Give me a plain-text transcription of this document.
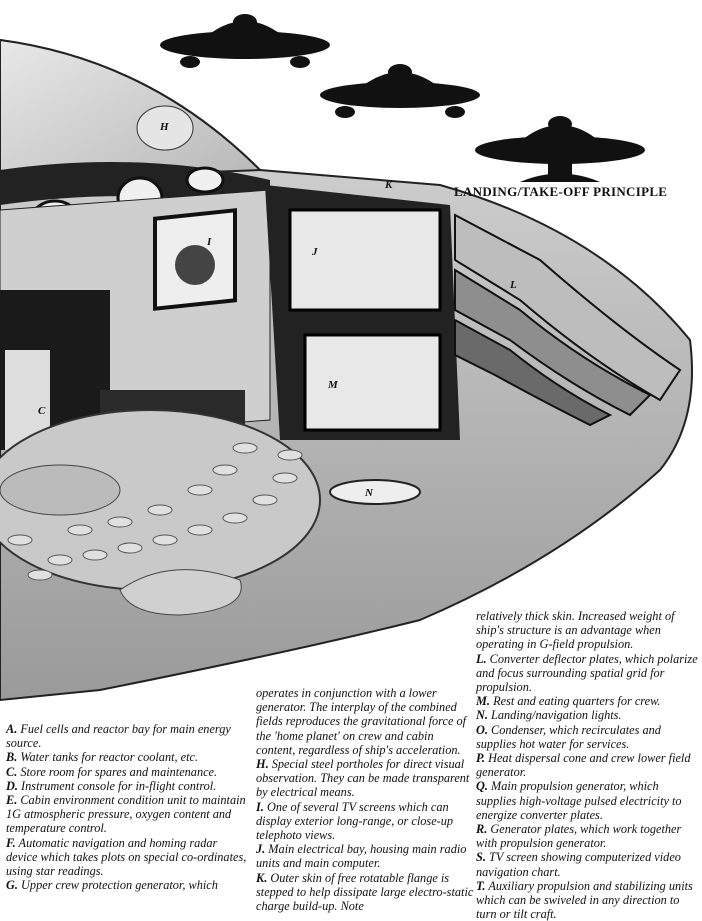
H
I
J
K
L
M
N
C
LANDING/TAKE-OFF PRINCIPLE

A. Fuel cells and reactor bay for main energy source.

B. Water tanks for reactor coolant, etc.

C. Store room for spares and maintenance.

D. Instrument console for in-flight control.

E. Cabin environment condition unit to maintain 1G atmospheric pressure, oxygen content and temperature control.

F. Automatic navigation and homing radar device which takes plots on special co-ordinates, using star readings.

G. Upper crew protection generator, which

operates in conjunction with a lower generator. The interplay of the combined fields reproduces the gravitational force of the 'home planet' on crew and cabin content, regardless of ship's acceleration.

H. Special steel portholes for direct visual observation. They can be made transparent by electrical means.

I. One of several TV screens which can display exterior long-range, or close-up telephoto views.

J. Main electrical bay, housing main radio units and main computer.

K. Outer skin of free rotatable flange is stepped to help dissipate large electro-static charge build-up. Note

relatively thick skin. Increased weight of ship's structure is an advantage when operating in G-field propulsion.

L. Converter deflector plates, which polarize and focus surrounding spatial grid for propulsion.

M. Rest and eating quarters for crew.

N. Landing/navigation lights.

O. Condenser, which recirculates and supplies hot water for services.

P. Heat dispersal cone and crew lower field generator.

Q. Main propulsion generator, which supplies high-voltage pulsed electricity to energize converter plates.

R. Generator plates, which work together with propulsion generator.

S. TV screen showing computerized video navigation chart.

T. Auxiliary propulsion and stabilizing units which can be swiveled in any direction to turn or tilt craft.
